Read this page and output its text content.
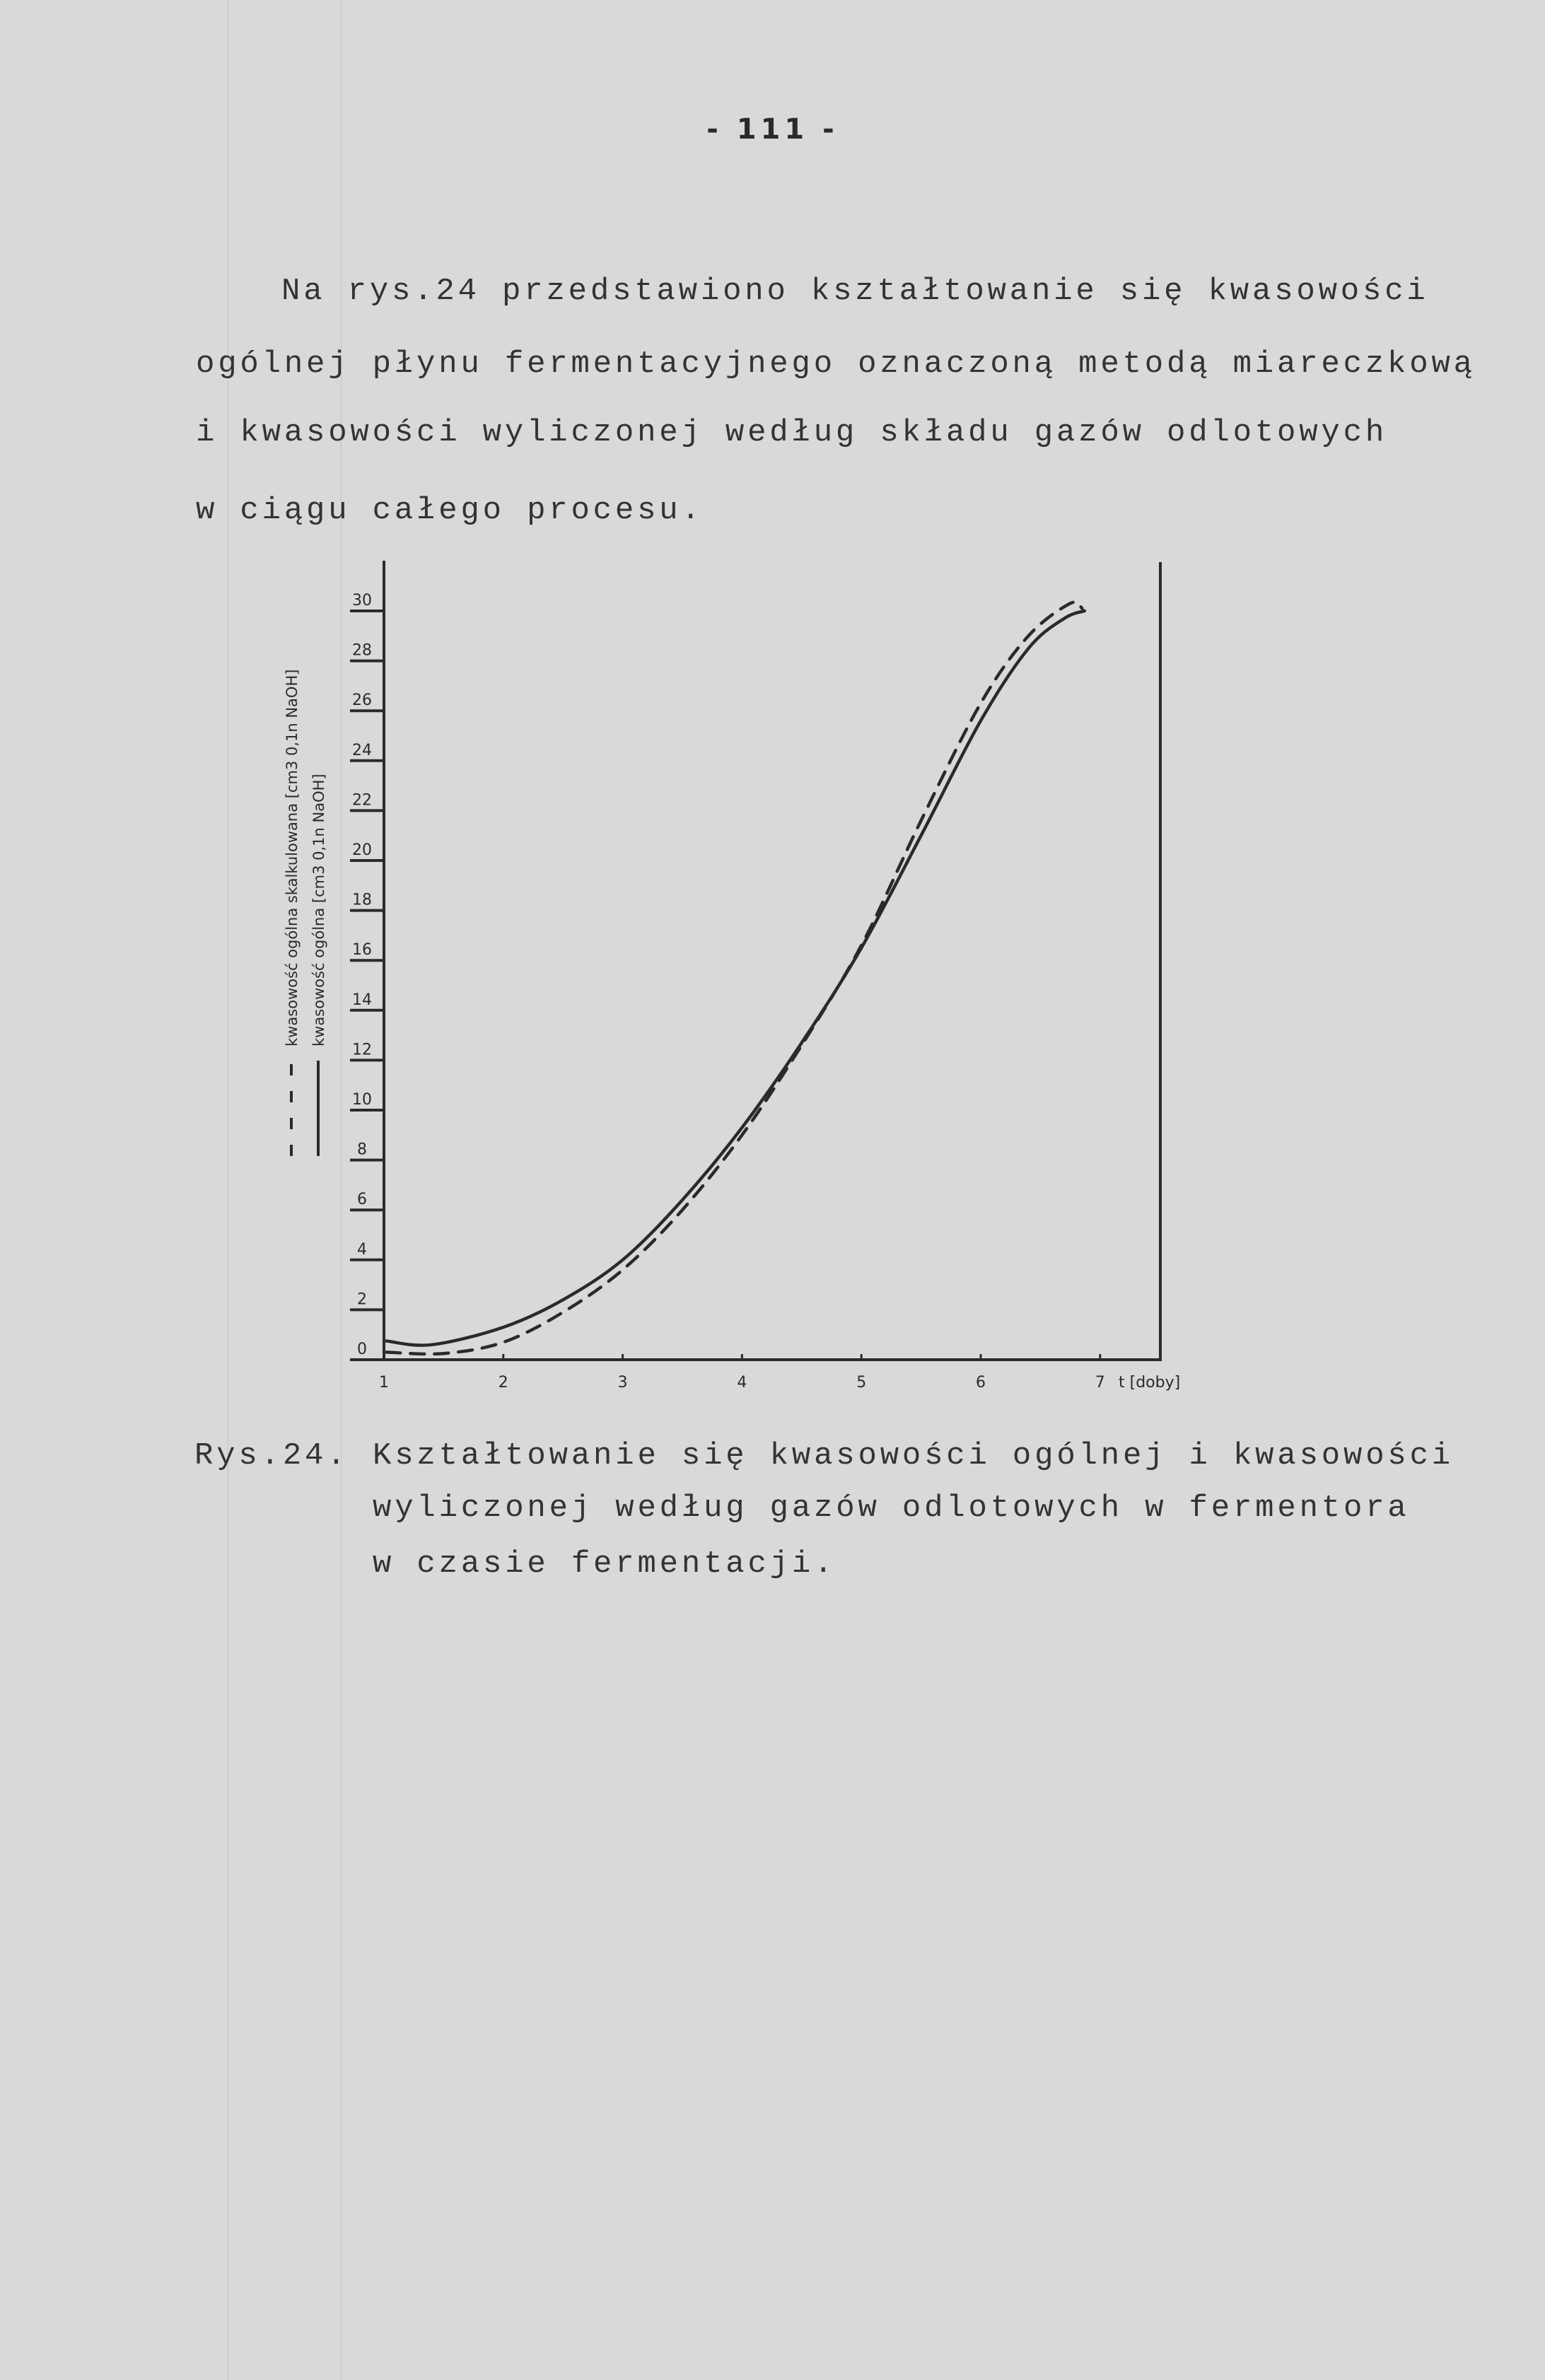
- 111 -
Na rys.24 przedstawiono kształtowanie się kwasowości
ogólnej płynu fermentacyjnego oznaczoną metodą miareczkową
i kwasowości wyliczonej według składu gazów odlotowych
w ciągu całego procesu.
kwasowość ogólna skalkulowana [cm3 0,1n NaOH] kwasowość ogólna [cm3 0,1n NaOH]
0
2
4
6
8
10
12
14
16
18
20
22
24
26
28
30
1	2	3	4	5	6	7 t [doby]
Rys.24. Kształtowanie się kwasowości ogólnej i kwasowości
wyliczonej według gazów odlotowych w fermentora
w czasie fermentacji.
